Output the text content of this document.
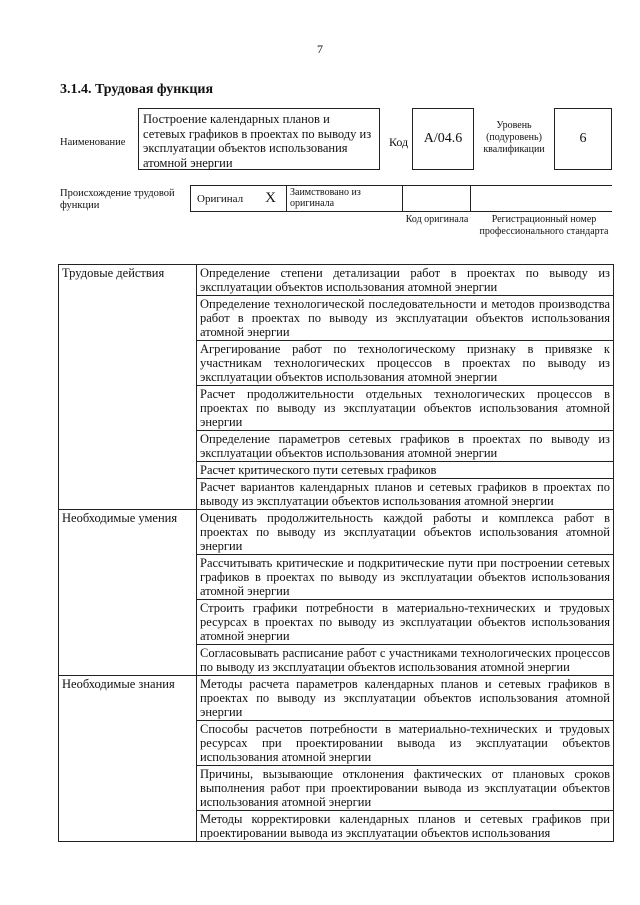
7
3.1.4. Трудовая функция
Наименование
Построение календарных планов и сетевых графиков в проектах по выводу из эксплуатации объектов использования атомной энергии
Код	А/04.6
Уровень (подуровень) квалификации
6
Происхождение трудовой функции
Оригинал	Х	Заимствовано из оригинала
Код оригинала	Регистрационный номер профессионального стандарта
Трудовые действия	Определение степени детализации работ в проектах по выводу из эксплуатации объектов использования атомной энергии
	Определение технологической последовательности и методов производства работ в проектах по выводу из эксплуатации объектов использования атомной энергии
	Агрегирование работ по технологическому признаку в привязке к участникам технологических процессов в проектах по выводу из эксплуатации объектов использования атомной энергии
	Расчет продолжительности отдельных технологических процессов в проектах по выводу из эксплуатации объектов использования атомной энергии
	Определение параметров сетевых графиков в проектах по выводу из эксплуатации объектов использования атомной энергии
	Расчет критического пути сетевых графиков
	Расчет вариантов календарных планов и сетевых графиков в проектах по выводу из эксплуатации объектов использования атомной энергии
Необходимые умения	Оценивать продолжительность каждой работы и комплекса работ в проектах по выводу из эксплуатации объектов использования атомной энергии
	Рассчитывать критические и подкритические пути при построении сетевых графиков в проектах по выводу из эксплуатации объектов использования атомной энергии
	Строить графики потребности в материально-технических и трудовых ресурсах в проектах по выводу из эксплуатации объектов использования атомной энергии
	Согласовывать расписание работ с участниками технологических процессов по выводу из эксплуатации объектов использования атомной энергии
Необходимые знания	Методы расчета параметров календарных планов и сетевых графиков в проектах по выводу из эксплуатации объектов использования атомной энергии
	Способы расчетов потребности в материально-технических и трудовых ресурсах при проектировании вывода из эксплуатации объектов использования атомной энергии
	Причины, вызывающие отклонения фактических от плановых сроков выполнения работ при проектировании вывода из эксплуатации объектов использования атомной энергии
	Методы корректировки календарных планов и сетевых графиков при проектировании вывода из эксплуатации объектов использования
